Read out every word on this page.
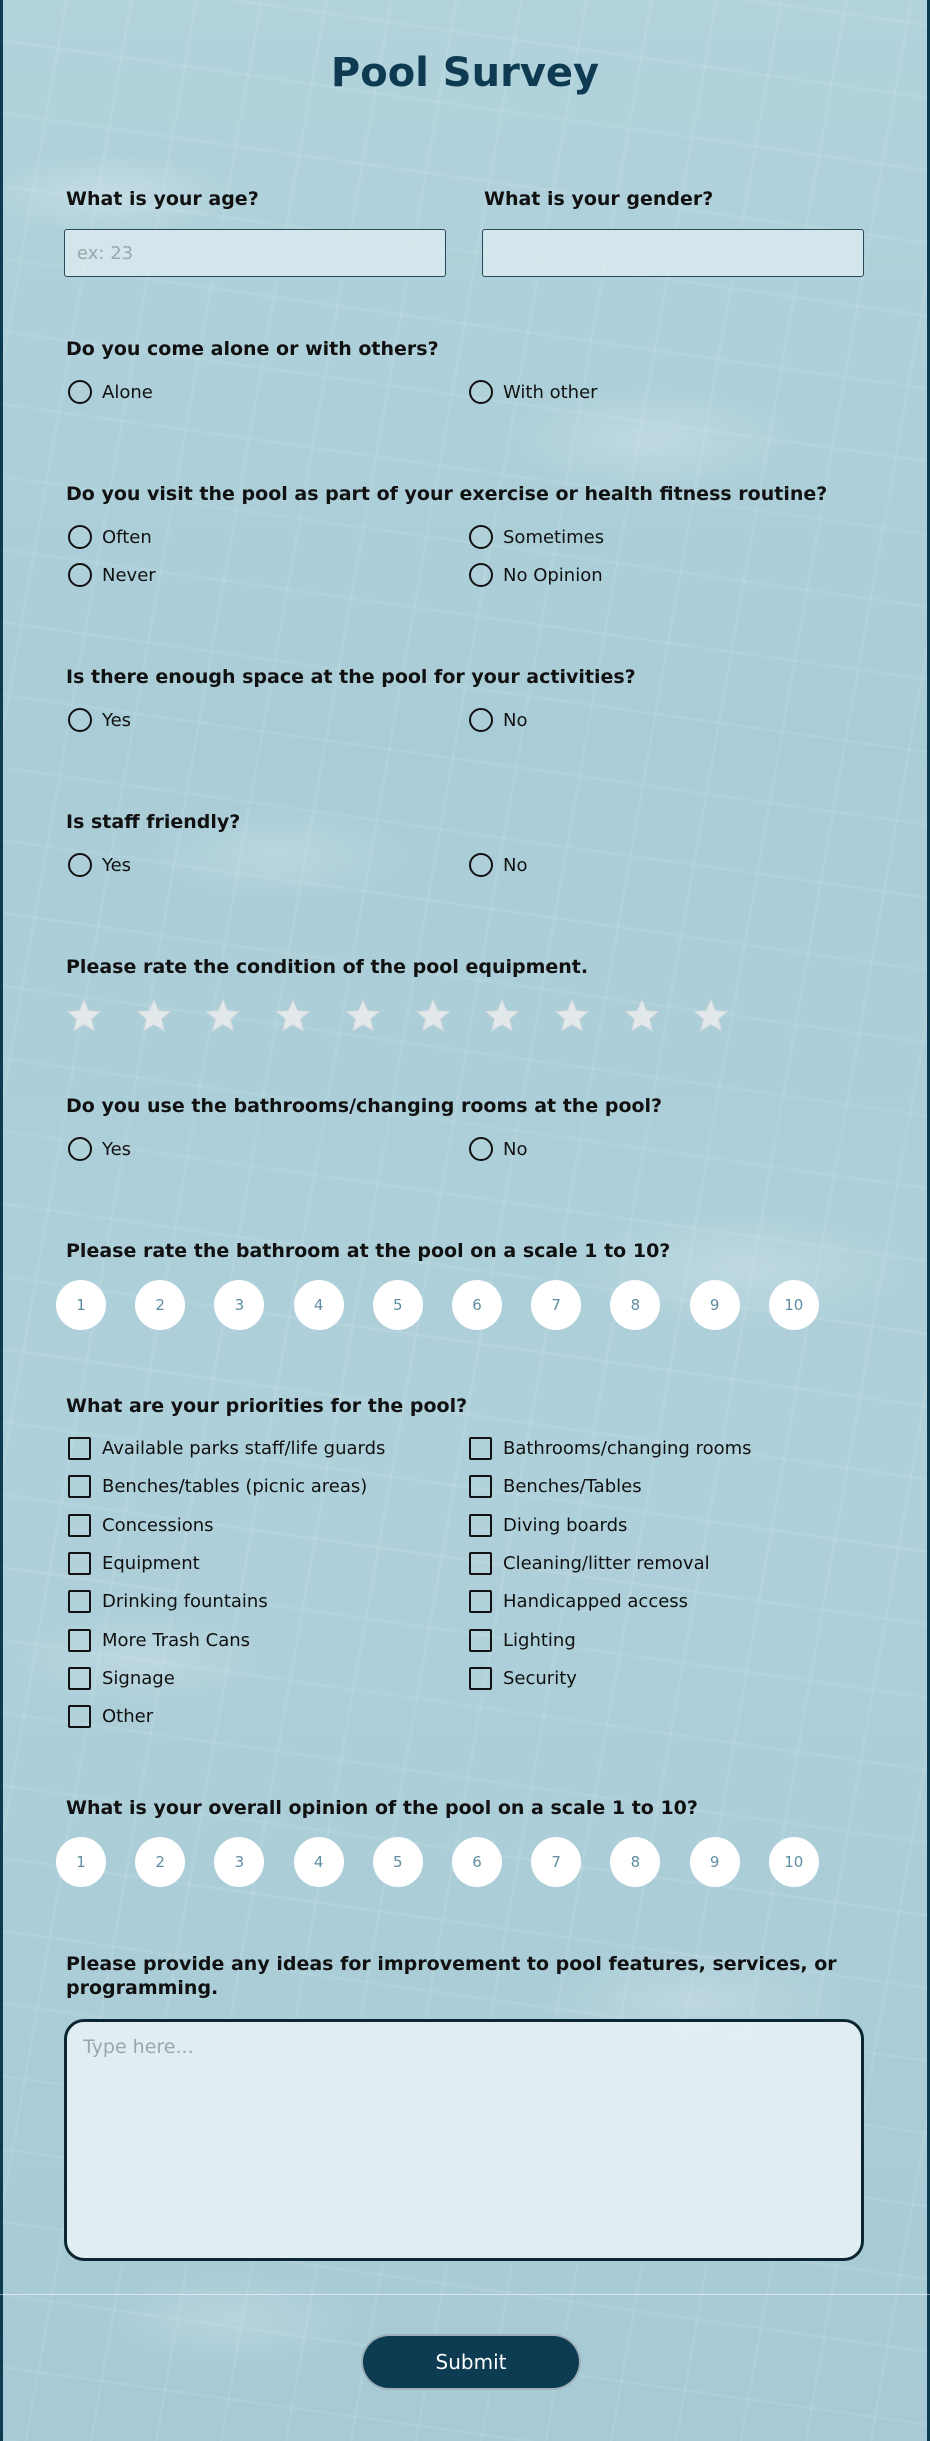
Pool Survey
What is your age?
ex: 23	What is your gender?
Do you come alone or with others?
Alone	With other
Do you visit the pool as part of your exercise or health fitness routine?
Often	Sometimes
Never	No Opinion
Is there enough space at the pool for your activities?
Yes	No
Is staff friendly?
Yes	No
Please rate the condition of the pool equipment.
Do you use the bathrooms/changing rooms at the pool?
Yes	No
Please rate the bathroom at the pool on a scale 1 to 10?
1	2	3	4	5	6	7	8	9	10
What are your priorities for the pool?
Available parks staff/life guards	Bathrooms/changing rooms
Benches/tables (picnic areas)	Benches/Tables
Concessions	Diving boards
Equipment	Cleaning/litter removal
Drinking fountains	Handicapped access
More Trash Cans	Lighting
Signage	Security
Other
What is your overall opinion of the pool on a scale 1 to 10?
1	2	3	4	5	6	7	8	9	10
Please provide any ideas for improvement to pool features, services, or programming.
Type here...
Submit
